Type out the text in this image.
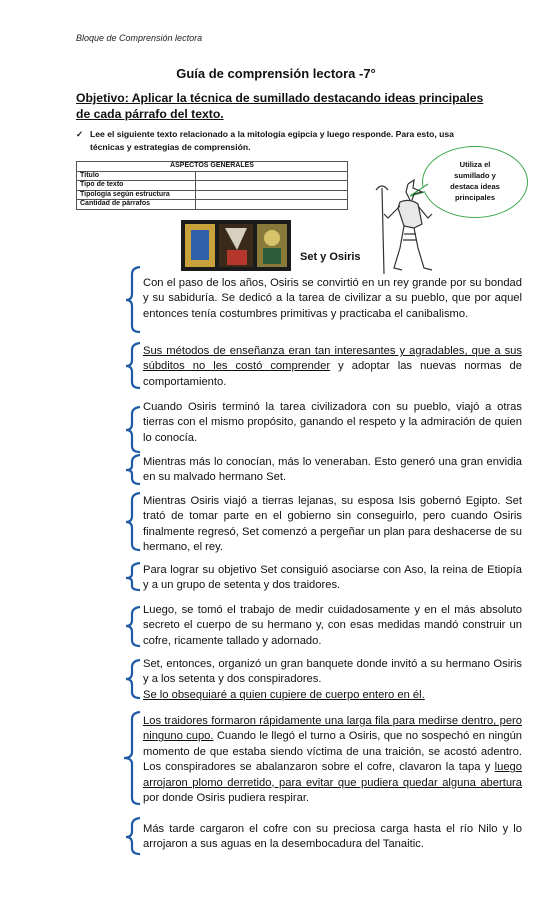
Bloque de Comprensión lectora
Guía de comprensión lectora -7°
Objetivo: Aplicar la técnica de sumillado destacando ideas principales de cada párrafo del texto.
✓ Lee el siguiente texto relacionado a la mitología egipcia y luego responde. Para esto, usa técnicas y estrategias de comprensión.
ASPECTOS GENERALES	
Título	
Tipo de texto	
Tipología según estructura	
Cantidad de párrafos	
Utiliza el sumillado y destaca ideas principales
Set y Osiris
Con el paso de los años, Osiris se convirtió en un rey grande por su bondad y su sabiduría. Se dedicó a la tarea de civilizar a su pueblo, que por aquel entonces tenía costumbres primitivas y practicaba el canibalismo.
Sus métodos de enseñanza eran tan interesantes y agradables, que a sus súbditos no les costó comprender y adoptar las nuevas normas de comportamiento.
Cuando Osiris terminó la tarea civilizadora con su pueblo, viajó a otras tierras con el mismo propósito, ganando el respeto y la admiración de quien lo conocía.
Mientras más lo conocían, más lo veneraban. Esto generó una gran envidia en su malvado hermano Set.
Mientras Osiris viajó a tierras lejanas, su esposa Isis gobernó Egipto. Set trató de tomar parte en el gobierno sin conseguirlo, pero cuando Osiris finalmente regresó, Set comenzó a pergeñar un plan para deshacerse de su hermano, el rey.
Para lograr su objetivo Set consiguió asociarse con Aso, la reina de Etiopía y a un grupo de setenta y dos traidores.
Luego, se tomó el trabajo de medir cuidadosamente y en el más absoluto secreto el cuerpo de su hermano y, con esas medidas mandó construir un cofre, ricamente tallado y adornado.
Set, entonces, organizó un gran banquete donde invitó a su hermano Osiris y a los setenta y dos conspiradores.
Se lo obsequiaré a quien cupiere de cuerpo entero en él.
Los traidores formaron rápidamente una larga fila para medirse dentro, pero ninguno cupo. Cuando le llegó el turno a Osiris, que no sospechó en ningún momento de que estaba siendo víctima de una traición, se acostó adentro. Los conspiradores se abalanzaron sobre el cofre, clavaron la tapa y luego arrojaron plomo derretido, para evitar que pudiera quedar alguna abertura por donde Osiris pudiera respirar.
Más tarde cargaron el cofre con su preciosa carga hasta el río Nilo y lo arrojaron a sus aguas en la desembocadura del Tanaitic.
